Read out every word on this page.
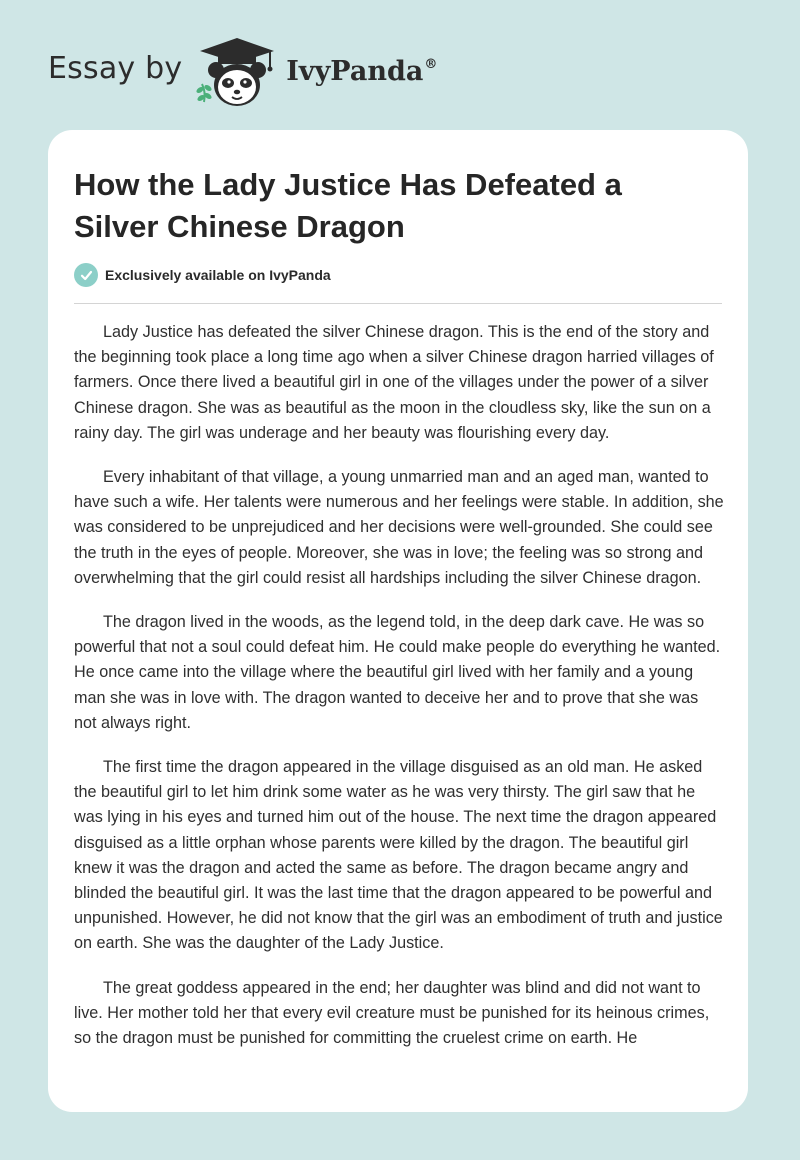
Essay by	IvyPanda®
How the Lady Justice Has Defeated a Silver Chinese Dragon
Exclusively available on IvyPanda

Lady Justice has defeated the silver Chinese dragon. This is the end of the story and the beginning took place a long time ago when a silver Chinese dragon harried villages of farmers. Once there lived a beautiful girl in one of the villages under the power of a silver Chinese dragon. She was as beautiful as the moon in the cloudless sky, like the sun on a rainy day. The girl was underage and her beauty was flourishing every day.

Every inhabitant of that village, a young unmarried man and an aged man, wanted to have such a wife. Her talents were numerous and her feelings were stable. In addition, she was considered to be unprejudiced and her decisions were well-grounded. She could see the truth in the eyes of people. Moreover, she was in love; the feeling was so strong and overwhelming that the girl could resist all hardships including the silver Chinese dragon.

The dragon lived in the woods, as the legend told, in the deep dark cave. He was so powerful that not a soul could defeat him. He could make people do everything he wanted. He once came into the village where the beautiful girl lived with her family and a young man she was in love with. The dragon wanted to deceive her and to prove that she was not always right.

The first time the dragon appeared in the village disguised as an old man. He asked the beautiful girl to let him drink some water as he was very thirsty. The girl saw that he was lying in his eyes and turned him out of the house. The next time the dragon appeared disguised as a little orphan whose parents were killed by the dragon. The beautiful girl knew it was the dragon and acted the same as before. The dragon became angry and blinded the beautiful girl. It was the last time that the dragon appeared to be powerful and unpunished. However, he did not know that the girl was an embodiment of truth and justice on earth. She was the daughter of the Lady Justice.

The great goddess appeared in the end; her daughter was blind and did not want to live. Her mother told her that every evil creature must be punished for its heinous crimes, so the dragon must be punished for committing the cruelest crime on earth. He
